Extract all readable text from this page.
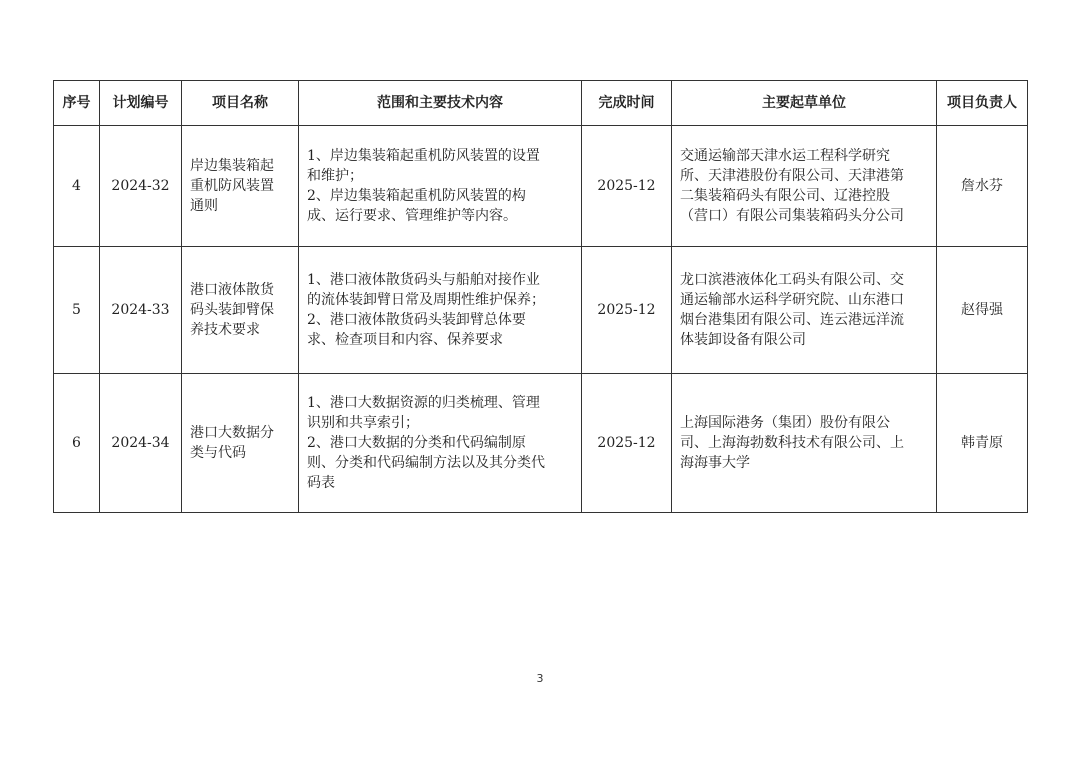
序号	计划编号	项目名称	范围和主要技术内容	完成时间	主要起草单位	项目负责人
4	2024-32	岸边集装箱起
重机防风装置
通则	1、岸边集装箱起重机防风装置的设置
和维护；
2、岸边集装箱起重机防风装置的构
成、运行要求、管理维护等内容。	2025-12	交通运输部天津水运工程科学研究
所、天津港股份有限公司、天津港第
二集装箱码头有限公司、辽港控股
（营口）有限公司集装箱码头分公司	詹水芬
5	2024-33	港口液体散货
码头装卸臂保
养技术要求	1、港口液体散货码头与船舶对接作业
的流体装卸臂日常及周期性维护保养；
2、港口液体散货码头装卸臂总体要
求、检查项目和内容、保养要求	2025-12	龙口滨港液体化工码头有限公司、交
通运输部水运科学研究院、山东港口
烟台港集团有限公司、连云港远洋流
体装卸设备有限公司	赵得强
6	2024-34	港口大数据分
类与代码	1、港口大数据资源的归类梳理、管理
识别和共享索引；
2、港口大数据的分类和代码编制原
则、分类和代码编制方法以及其分类代
码表	2025-12	上海国际港务（集团）股份有限公
司、上海海勃数科技术有限公司、上
海海事大学	韩青原
3
